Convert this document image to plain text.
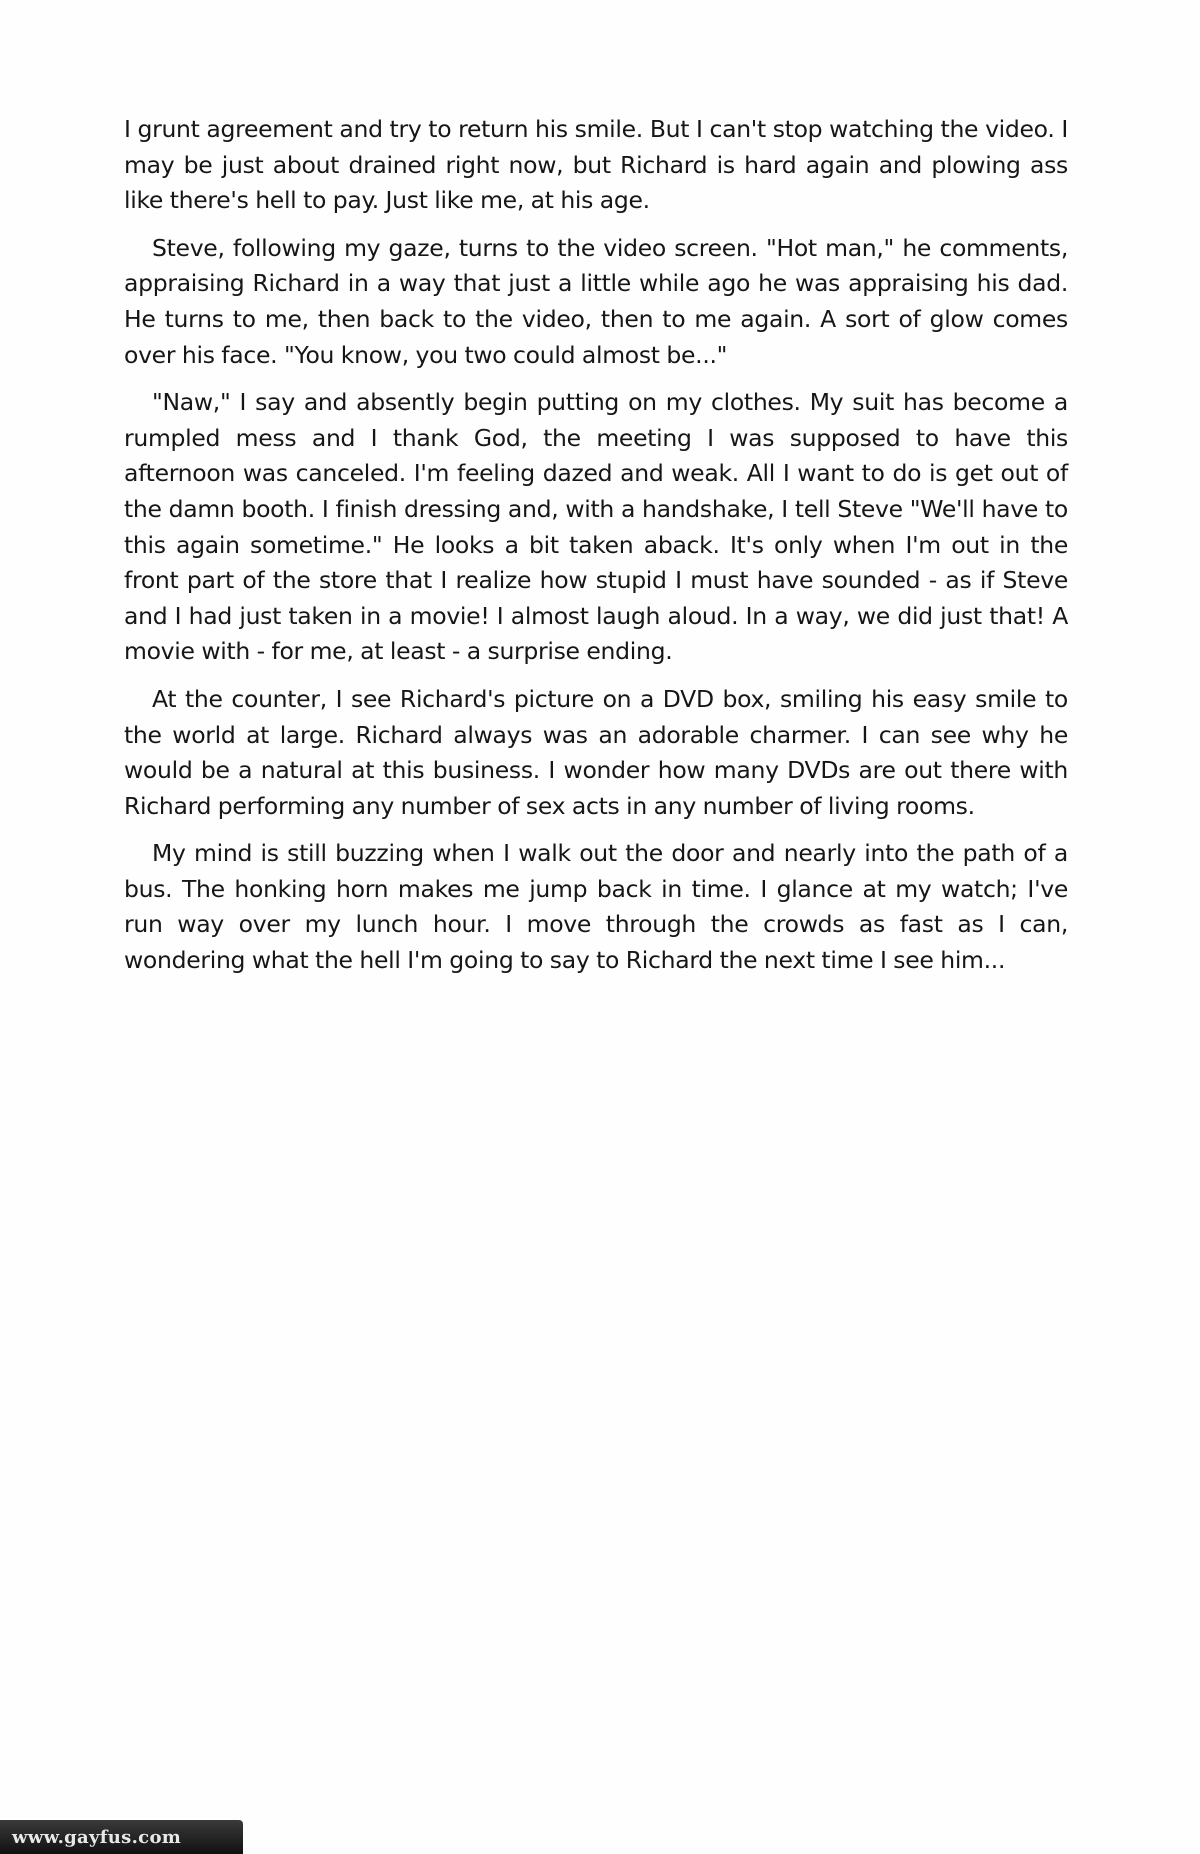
I grunt agreement and try to return his smile. But I can't stop watching the video. I may be just about drained right now, but Richard is hard again and plowing ass like there's hell to pay. Just like me, at his age.

Steve, following my gaze, turns to the video screen. "Hot man," he comments, appraising Richard in a way that just a little while ago he was appraising his dad. He turns to me, then back to the video, then to me again. A sort of glow comes over his face. "You know, you two could almost be..."

"Naw," I say and absently begin putting on my clothes. My suit has become a rumpled mess and I thank God, the meeting I was supposed to have this afternoon was canceled. I'm feeling dazed and weak. All I want to do is get out of the damn booth. I finish dressing and, with a handshake, I tell Steve "We'll have to this again sometime." He looks a bit taken aback. It's only when I'm out in the front part of the store that I realize how stupid I must have sounded - as if Steve and I had just taken in a movie! I almost laugh aloud. In a way, we did just that! A movie with - for me, at least - a surprise ending.

At the counter, I see Richard's picture on a DVD box, smiling his easy smile to the world at large. Richard always was an adorable charmer. I can see why he would be a natural at this business. I wonder how many DVDs are out there with Richard performing any number of sex acts in any number of living rooms.

My mind is still buzzing when I walk out the door and nearly into the path of a bus. The honking horn makes me jump back in time. I glance at my watch; I've run way over my lunch hour. I move through the crowds as fast as I can, wondering what the hell I'm going to say to Richard the next time I see him...

www.gayfus.com
